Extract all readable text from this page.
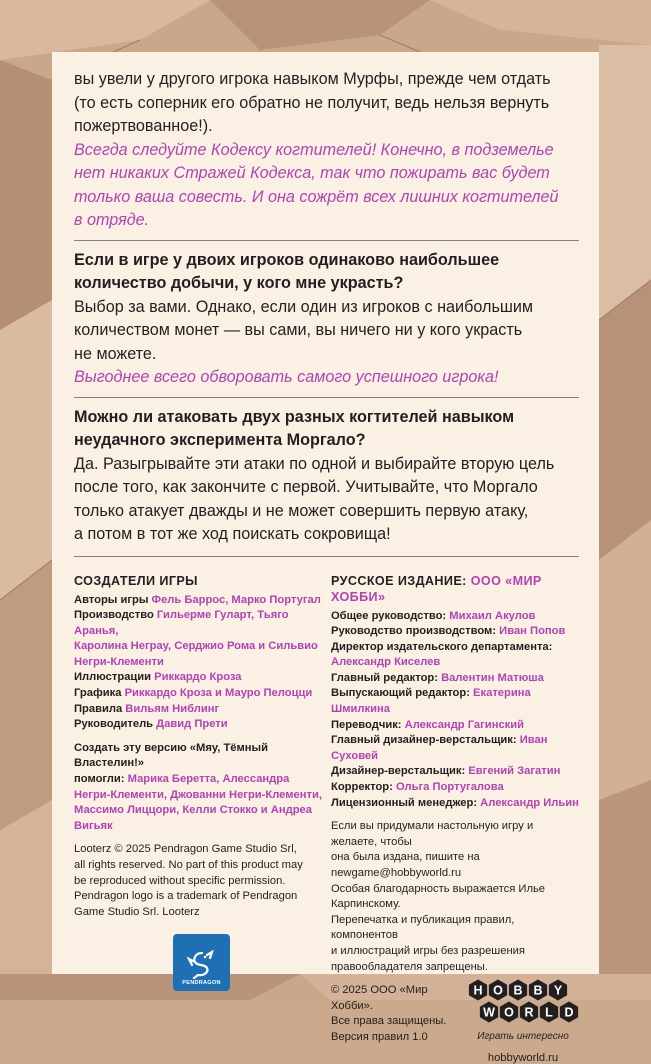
вы увели у другого игрока навыком Мурфы, прежде чем отдать

(то есть соперник его обратно не получит, ведь нельзя вернуть

пожертвованное!).

Всегда следуйте Кодексу когтителей! Конечно, в подземелье

нет никаких Стражей Кодекса, так что пожирать вас будет

только ваша совесть. И она сожрёт всех лишних когтителей

в отряде.

Если в игре у двоих игроков одинаково наибольшее

количество добычи, у кого мне украсть?

Выбор за вами. Однако, если один из игроков с наибольшим

количеством монет — вы сами, вы ничего ни у кого украсть

не можете.

Выгоднее всего обворовать самого успешного игрока!

Можно ли атаковать двух разных когтителей навыком

неудачного эксперимента Моргало?

Да. Разыгрывайте эти атаки по одной и выбирайте вторую цель

после того, как закончите с первой. Учитывайте, что Моргало

только атакует дважды и не может совершить первую атаку,

а потом в тот же ход поискать сокровища!

СОЗДАТЕЛИ ИГРЫ

Авторы игры Фель Баррос, Марко Португал

Производство Гильерме Гуларт, Тьяго Аранья,

Каролина Неграу, Серджио Рома и Сильвио

Негри-Клементи

Иллюстрации Риккардо Кроза

Графика Риккардо Кроза и Мауро Пелоцци

Правила Вильям Ниблинг

Руководитель Давид Прети

Создать эту версию «Мяу, Тёмный Властелин!»

помогли: Марика Беретта, Алессандра

Негри-Клементи, Джованни Негри-Клементи,

Массимо Лиццори, Келли Стокко и Андреа Вигьяк

Looterz © 2025 Pendragon Game Studio Srl,

all rights reserved. No part of this product may

be reproduced without specific permission.

Pendragon logo is a trademark of Pendragon

Game Studio Srl. Looterz

PENDRAGON

РУССКОЕ ИЗДАНИЕ: ООО «МИР ХОББИ»

Общее руководство: Михаил Акулов

Руководство производством: Иван Попов

Директор издательского департамента:

Александр Киселев

Главный редактор: Валентин Матюша

Выпускающий редактор: Екатерина Шмилкина

Переводчик: Александр Гагинский

Главный дизайнер-верстальщик: Иван Суховей

Дизайнер-верстальщик: Евгений Загатин

Корректор: Ольга Португалова

Лицензионный менеджер: Александр Ильин

Если вы придумали настольную игру и желаете, чтобы

она была издана, пишите на newgame@hobbyworld.ru

Особая благодарность выражается Илье Карпинскому.

Перепечатка и публикация правил, компонентов

и иллюстраций игры без разрешения

правообладателя запрещены.

© 2025 ООО «Мир Хобби».

Все права защищены.

Версия правил 1.0

H O B B Y
W O R L D
Играть интересно
hobbyworld.ru
